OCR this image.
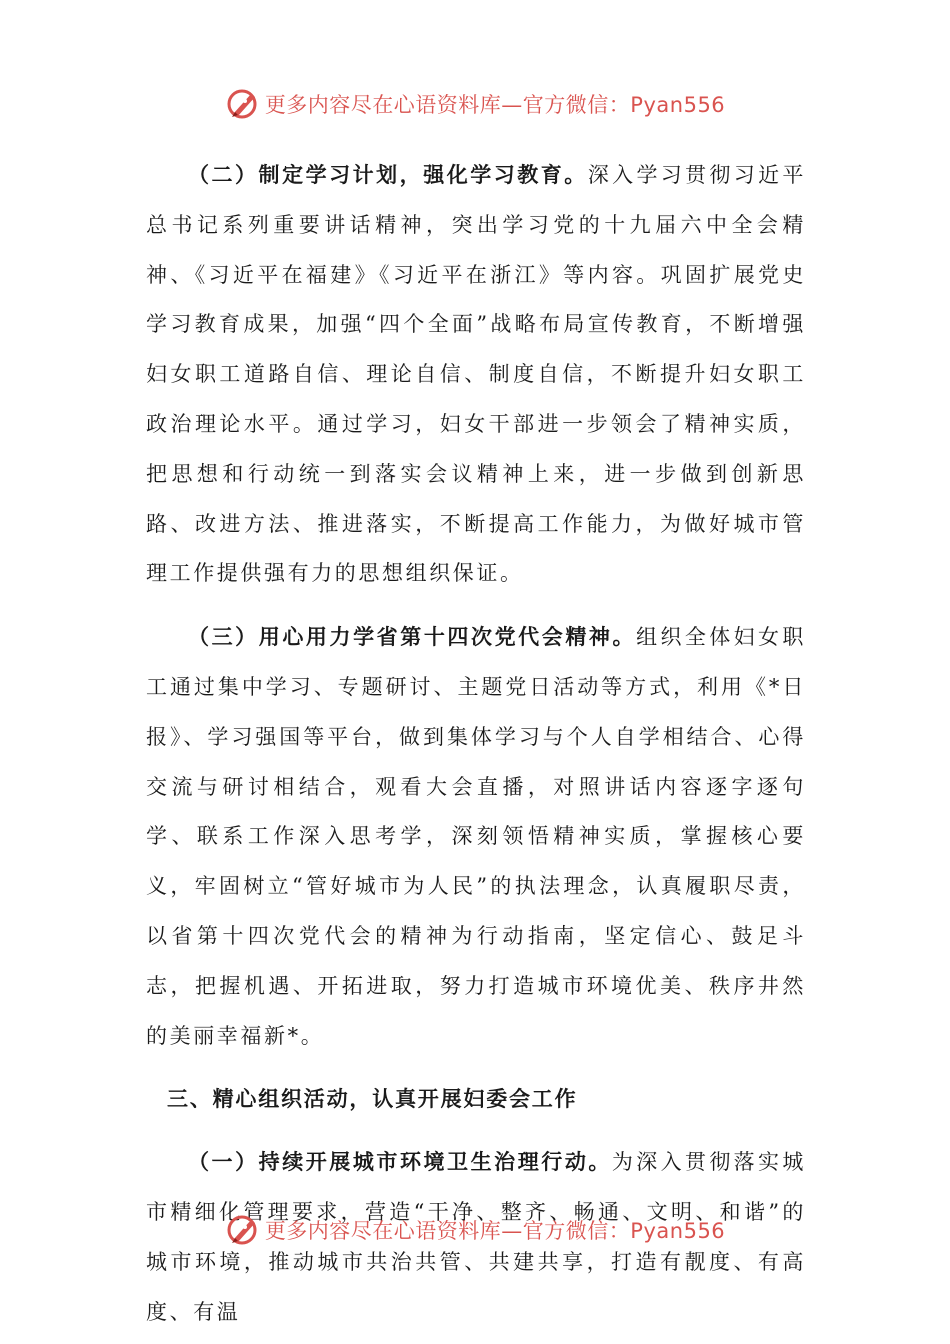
更多内容尽在心语资料库—官方微信：Pyan556

（二）制定学习计划，强化学习教育。深入学习贯彻习近平总书记系列重要讲话精神，突出学习党的十九届六中全会精神、《习近平在福建》《习近平在浙江》等内容。巩固扩展党史学习教育成果，加强“四个全面”战略布局宣传教育，不断增强妇女职工道路自信、理论自信、制度自信，不断提升妇女职工政治理论水平。通过学习，妇女干部进一步领会了精神实质，把思想和行动统一到落实会议精神上来，进一步做到创新思路、改进方法、推进落实，不断提高工作能力，为做好城市管理工作提供强有力的思想组织保证。

（三）用心用力学省第十四次党代会精神。组织全体妇女职工通过集中学习、专题研讨、主题党日活动等方式，利用《*日报》、学习强国等平台，做到集体学习与个人自学相结合、心得交流与研讨相结合，观看大会直播，对照讲话内容逐字逐句学、联系工作深入思考学，深刻领悟精神实质，掌握核心要义，牢固树立“管好城市为人民”的执法理念，认真履职尽责，以省第十四次党代会的精神为行动指南，坚定信心、鼓足斗志，把握机遇、开拓进取，努力打造城市环境优美、秩序井然的美丽幸福新*。

三、精心组织活动，认真开展妇委会工作

（一）持续开展城市环境卫生治理行动。为深入贯彻落实城市精细化管理要求，营造“干净、整齐、畅通、文明、和谐”的城市环境，推动城市共治共管、共建共享，打造有靓度、有高度、有温

更多内容尽在心语资料库—官方微信：Pyan556
